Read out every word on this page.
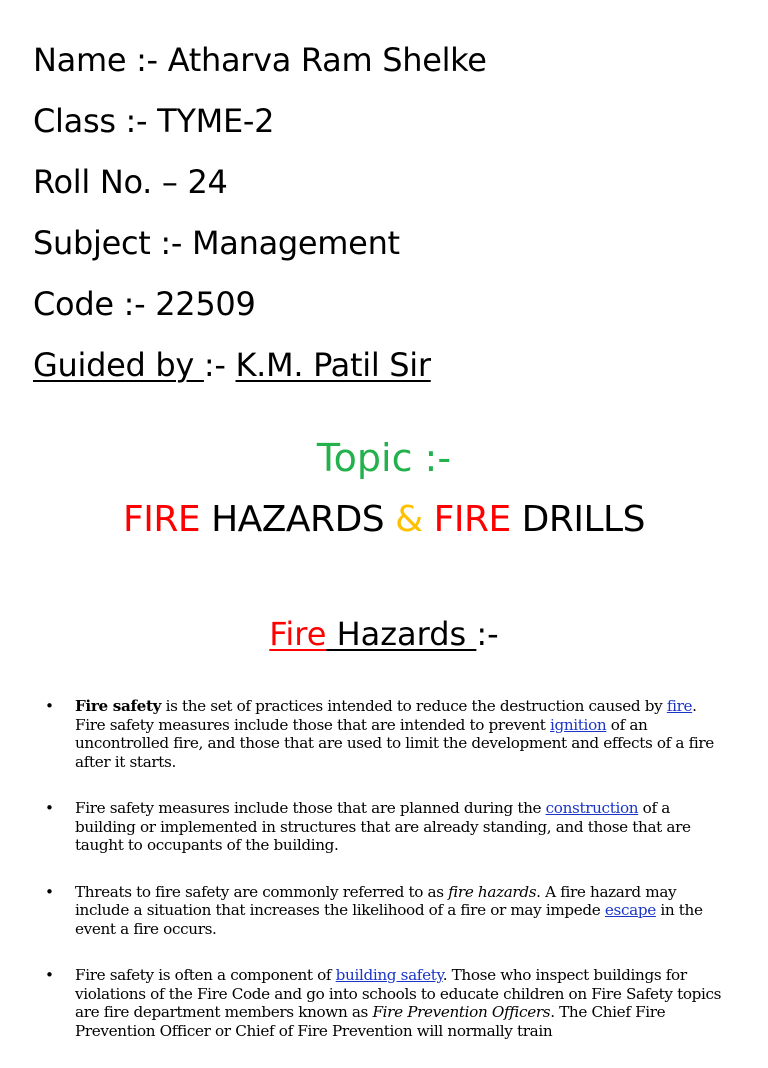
Name :- Atharva Ram Shelke
Class :- TYME-2
Roll No. – 24
Subject :- Management
Code :- 22509
Guided by :- K.M. Patil Sir
Topic :-
FIRE HAZARDS & FIRE DRILLS
Fire Hazards :-
• Fire safety is the set of practices intended to reduce the destruction caused by fire. Fire safety measures include those that are intended to prevent ignition of an uncontrolled fire, and those that are used to limit the development and effects of a fire after it starts.
• Fire safety measures include those that are planned during the construction of a building or implemented in structures that are already standing, and those that are taught to occupants of the building.
• Threats to fire safety are commonly referred to as fire hazards. A fire hazard may include a situation that increases the likelihood of a fire or may impede escape in the event a fire occurs.
• Fire safety is often a component of building safety. Those who inspect buildings for violations of the Fire Code and go into schools to educate children on Fire Safety topics are fire department members known as Fire Prevention Officers. The Chief Fire Prevention Officer or Chief of Fire Prevention will normally train
